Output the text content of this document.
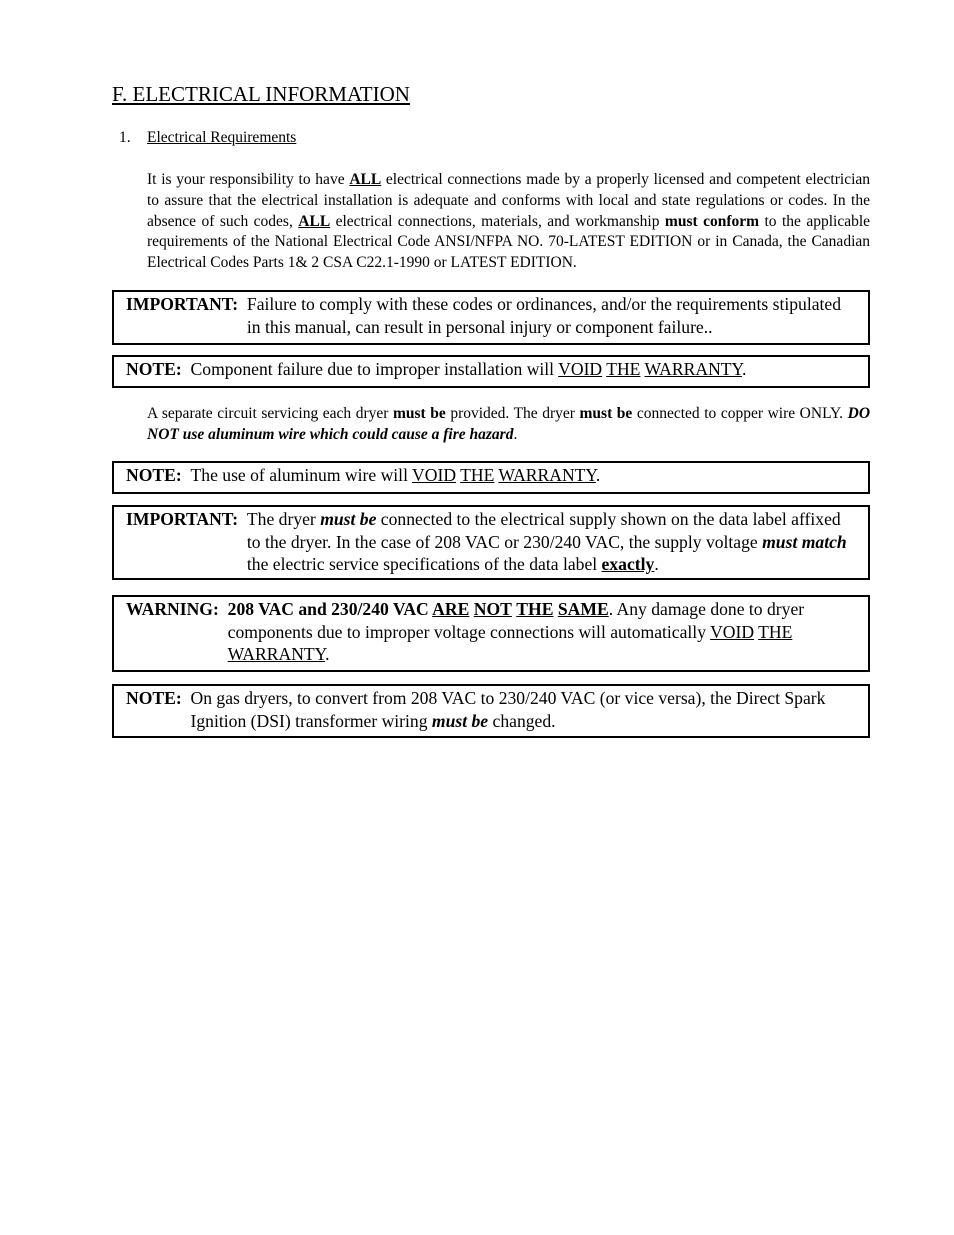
F. ELECTRICAL INFORMATION
1. Electrical Requirements

It is your responsibility to have ALL electrical connections made by a properly licensed and competent electrician to assure that the electrical installation is adequate and conforms with local and state regulations or codes. In the absence of such codes, ALL electrical connections, materials, and workmanship must conform to the applicable requirements of the National Electrical Code ANSI/NFPA NO. 70-LATEST EDITION or in Canada, the Canadian Electrical Codes Parts 1& 2 CSA C22.1-1990 or LATEST EDITION.

IMPORTANT: Failure to comply with these codes or ordinances, and/or the requirements stipulated in this manual, can result in personal injury or component failure..
NOTE: Component failure due to improper installation will VOID THE WARRANTY.

A separate circuit servicing each dryer must be provided. The dryer must be connected to copper wire ONLY. DO NOT use aluminum wire which could cause a fire hazard.

NOTE: The use of aluminum wire will VOID THE WARRANTY.
IMPORTANT: The dryer must be connected to the electrical supply shown on the data label affixed to the dryer. In the case of 208 VAC or 230/240 VAC, the supply voltage must match the electric service specifications of the data label exactly.
WARNING: 208 VAC and 230/240 VAC ARE NOT THE SAME. Any damage done to dryer components due to improper voltage connections will automatically VOID THE WARRANTY.
NOTE: On gas dryers, to convert from 208 VAC to 230/240 VAC (or vice versa), the Direct Spark Ignition (DSI) transformer wiring must be changed.
